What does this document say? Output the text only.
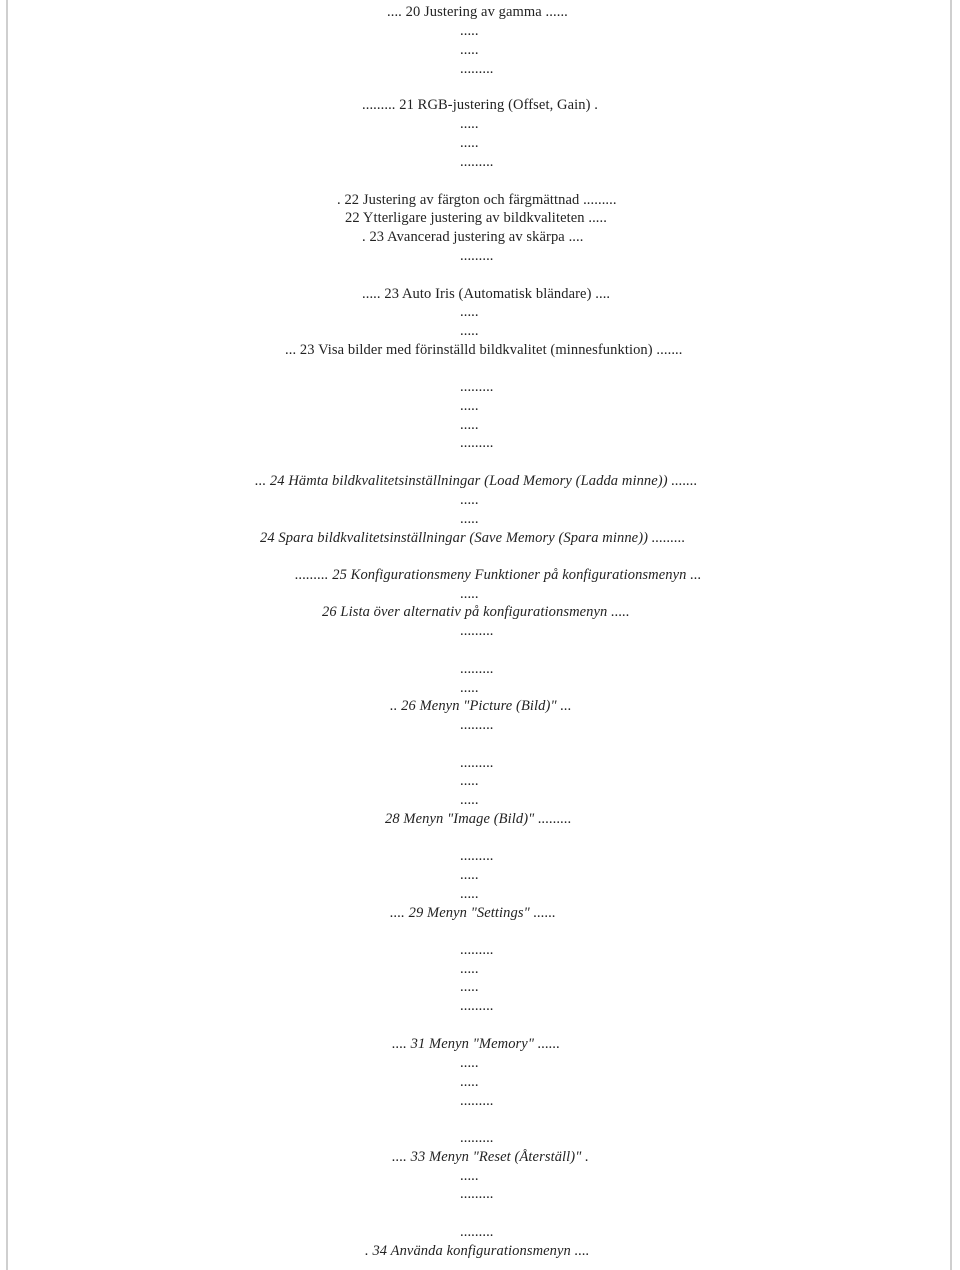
.... 20 Justering av gamma ......
.....
.....
.........
......... 21 RGB-justering (Offset, Gain) .
.....
.....
.........
. 22 Justering av färgton och färgmättnad .........
22 Ytterligare justering av bildkvaliteten .....
. 23 Avancerad justering av skärpa ....
.........
..... 23 Auto Iris (Automatisk bländare) ....
.....
.....
... 23 Visa bilder med förinställd bildkvalitet (minnesfunktion) .......
.........
.....
.....
.........
... 24 Hämta bildkvalitetsinställningar (Load Memory (Ladda minne)) .......
.....
.....
24 Spara bildkvalitetsinställningar (Save Memory (Spara minne)) .........
......... 25 Konfigurationsmeny Funktioner på konfigurationsmenyn ...
.....
26 Lista över alternativ på konfigurationsmenyn .....
.........
.........
.....
.. 26 Menyn "Picture (Bild)" ...
.........
.........
.....
.....
28 Menyn "Image (Bild)" .........
.........
.....
.....
.... 29 Menyn "Settings" ......
.........
.....
.....
.........
.... 31 Menyn "Memory" ......
.....
.....
.........
.........
.... 33 Menyn "Reset (Återställ)" .
.....
.........
.........
. 34 Använda konfigurationsmenyn ....
